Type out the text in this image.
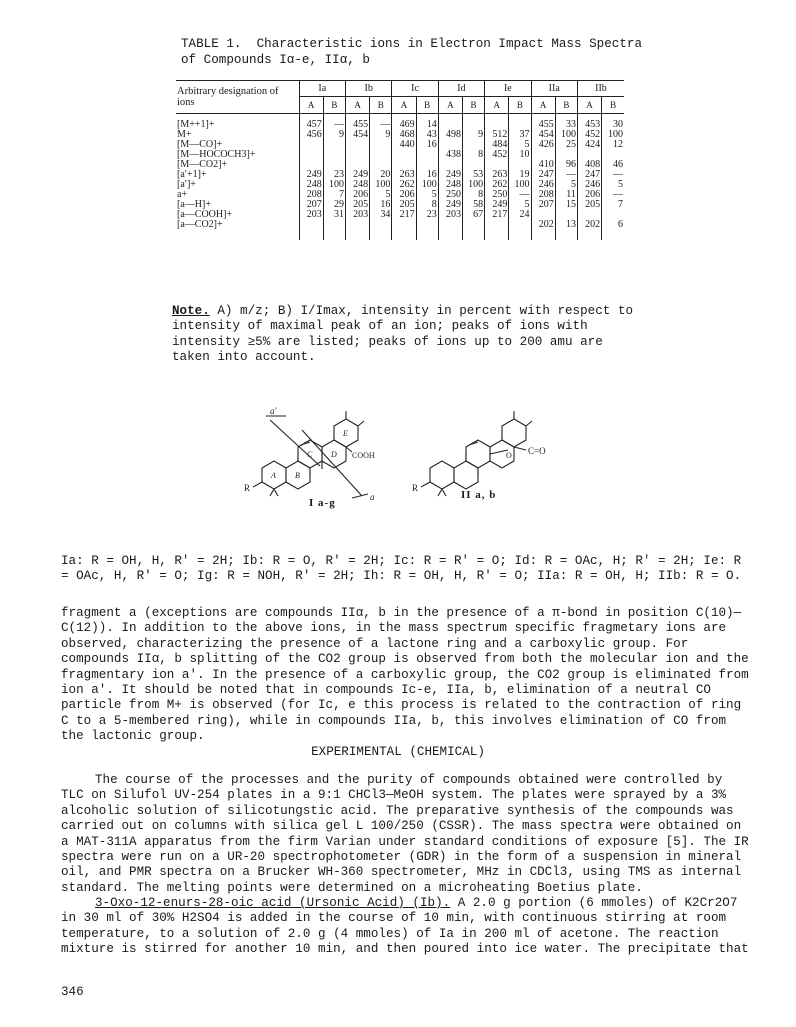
TABLE 1.  Characteristic ions in Electron Impact Mass Spectra
of Compounds Iα-e, IIα, b
Arbitrary designation of ions	Ia		Ib		Ic		Id		Ie		IIa		IIb	
	A	B	A	B	A	B	A	B	A	B	A	B	A	B
[M++1]+	457	—	455	—	469	14					455	33	453	30
M+	456	9	454	9	468	43	498	9	512	37	454	100	452	100
[M—CO]+					440	16			484	5	426	25	424	12
[M—HOCOCH3]+							438	8	452	10				
[M—CO2]+											410	96	408	46
[a′+1]+	249	23	249	20	263	16	249	53	263	19	247	—	247	—
[a′]+	248	100	248	100	262	100	248	100	262	100	246	5	246	5
a+	208	7	206	5	206	5	250	8	250	—	208	11	206	—
[a—H]+	207	29	205	16	205	8	249	58	249	5	207	15	205	7
[a—COOH]+	203	31	203	34	217	23	203	67	217	24				
[a—CO2]+											202	13	202	6

Note. A) m/z; B) I/Imax, intensity in percent with respect to intensity of maximal peak of an ion; peaks of ions with intensity ≥5% are listed; peaks of ions up to 200 amu are taken into account.

a′
a
R	R
COOH	C=O
O
A B
C D
E
I a-g
II a, b

Ia: R = OH, H, R' = 2H; Ib: R = O, R' = 2H; Ic: R = R' = O; Id: R = OAc, H; R' = 2H; Ie: R = OAc, H, R' = O; Ig: R = NOH, R' = 2H; Ih: R = OH, H, R' = O; IIa: R = OH, H; IIb: R = O.

fragment a (exceptions are compounds IIα, b in the presence of a π-bond in position C(10)—C(12)). In addition to the above ions, in the mass spectrum specific fragmetary ions are observed, characterizing the presence of a lactone ring and a carboxylic group. For compounds IIα, b splitting of the CO2 group is observed from both the molecular ion and the fragmentary ion a'. In the presence of a carboxylic group, the CO2 group is eliminated from ion a'. It should be noted that in compounds Ic-e, IIa, b, elimination of a neutral CO particle from M+ is observed (for Ic, e this process is related to the contraction of ring C to a 5-membered ring), while in compounds IIa, b, this involves elimination of CO from the lactonic group.

EXPERIMENTAL (CHEMICAL)

The course of the processes and the purity of compounds obtained were controlled by TLC on Silufol UV-254 plates in a 9:1 CHCl3—MeOH system. The plates were sprayed by a 3% alcoholic solution of silicotungstic acid. The preparative synthesis of the compounds was carried out on columns with silica gel L 100/250 (CSSR). The mass spectra were obtained on a MAT-311A apparatus from the firm Varian under standard conditions of exposure [5]. The IR spectra were run on a UR-20 spectrophotometer (GDR) in the form of a suspension in mineral oil, and PMR spectra on a Brucker WH-360 spectrometer, MHz in CDCl3, using TMS as internal standard. The melting points were determined on a microheating Boetius plate.

3-Oxo-12-enurs-28-oic acid (Ursonic Acid) (Ib). A 2.0 g portion (6 mmoles) of K2Cr2O7 in 30 ml of 30% H2SO4 is added in the course of 10 min, with continuous stirring at room temperature, to a solution of 2.0 g (4 mmoles) of Ia in 200 ml of acetone. The reaction mixture is stirred for another 10 min, and then poured into ice water. The precipitate that

346
